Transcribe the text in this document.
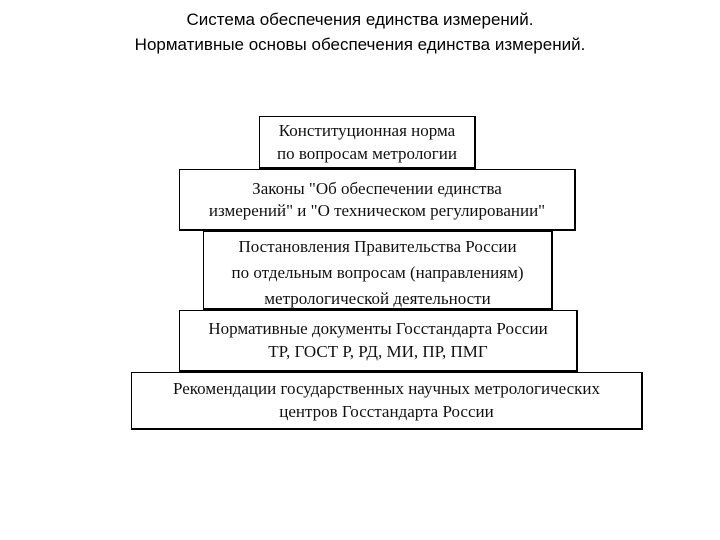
Система обеспечения единства измерений.
Нормативные основы обеспечения единства измерений.
Конституционная норма
по вопросам метрологии
Законы "Об обеспечении единства
измерений" и "О техническом регулировании"
Постановления Правительства России
по отдельным вопросам (направлениям)
метрологической деятельности
Нормативные документы Госстандарта России
ТР, ГОСТ Р, РД, МИ, ПР, ПМГ
Рекомендации государственных научных метрологических
центров Госстандарта России
